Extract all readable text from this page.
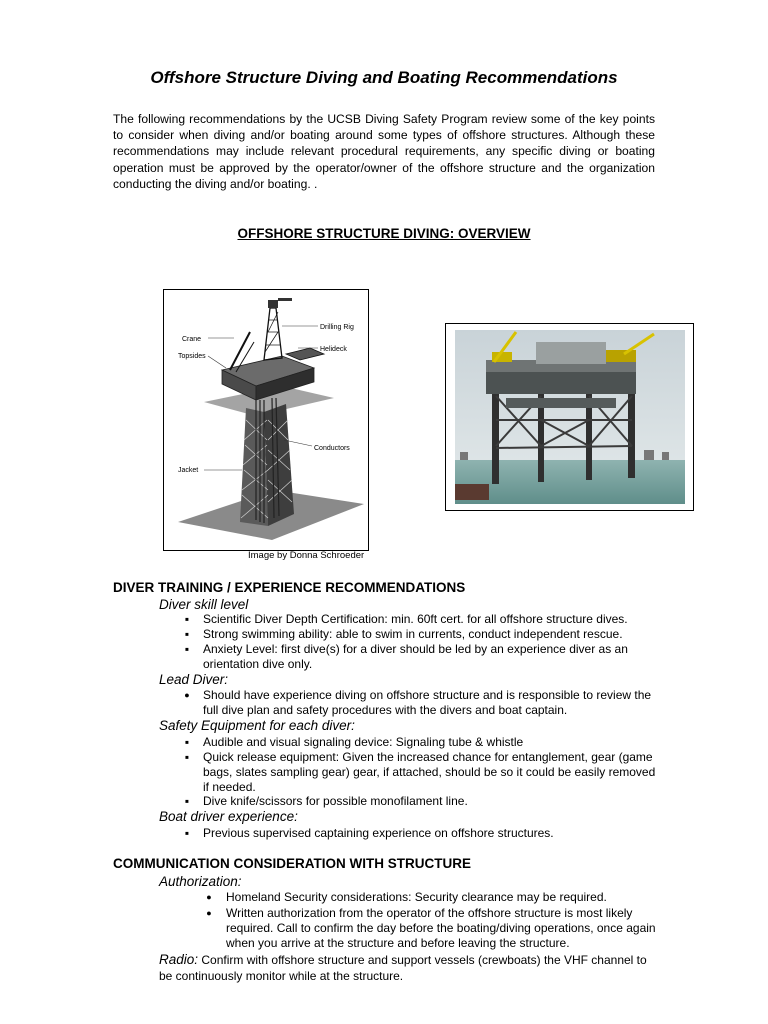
Offshore Structure Diving and Boating Recommendations

The following recommendations by the UCSB Diving Safety Program review some of the key points to consider when diving and/or boating around some types of offshore structures. Although these recommendations may include relevant procedural requirements, any specific diving or boating operation must be approved by the operator/owner of the offshore structure and the organization conducting the diving and/or boating. .

OFFSHORE STRUCTURE DIVING: OVERVIEW
Crane
Topsides
Drilling Rig
Helideck
Conductors
Jacket

Image by Donna Schroeder

DIVER TRAINING / EXPERIENCE RECOMMENDATIONS

Diver skill level

▪	Scientific Diver Depth Certification: min. 60ft cert. for all offshore structure dives.
▪	Strong swimming ability: able to swim in currents, conduct independent rescue.
▪	Anxiety Level: first dive(s) for a diver should be led by an experience diver as an orientation dive only.

Lead Diver:

●	Should have experience diving on offshore structure and is responsible to review the full dive plan and safety procedures with the divers and boat captain.

Safety Equipment for each diver:

▪	Audible and visual signaling device: Signaling tube & whistle
▪	Quick release equipment: Given the increased chance for entanglement, gear (game bags, slates sampling gear) gear, if attached, should be so it could be easily removed if needed.
▪	Dive knife/scissors for possible monofilament line.

Boat driver experience:

▪	Previous supervised captaining experience on offshore structures.
COMMUNICATION CONSIDERATION WITH STRUCTURE

Authorization:

●	Homeland Security considerations: Security clearance may be required.
●	Written authorization from the operator of the offshore structure is most likely required. Call to confirm the day before the boating/diving operations, once again when you arrive at the structure and before leaving the structure.
Radio: Confirm with offshore structure and support vessels (crewboats) the VHF channel to be continuously monitor while at the structure.
